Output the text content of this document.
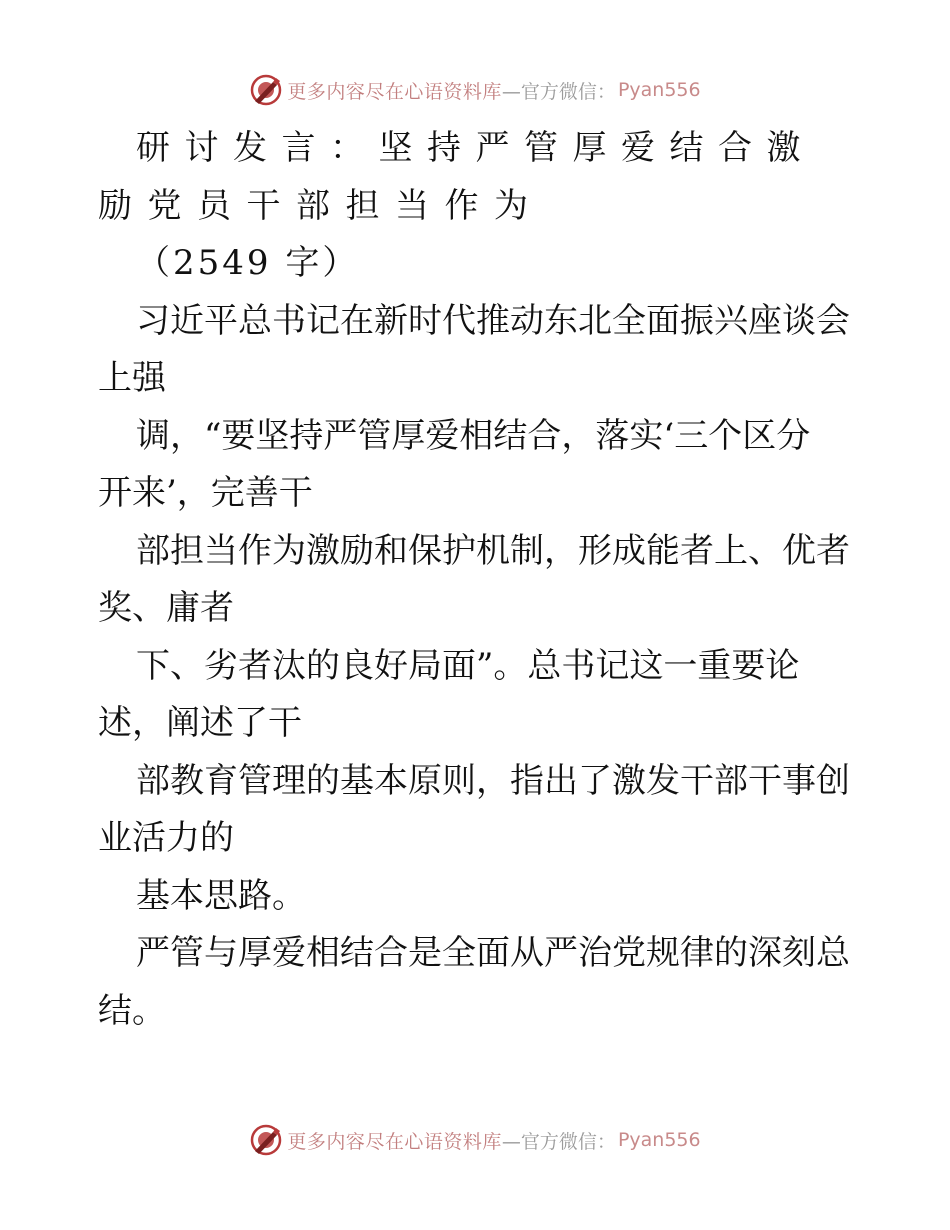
更多内容尽在心语资料库 —官方微信： Pyan556
研讨发言：坚持严管厚爱结合激
励党员干部担当作为
（2549 字）
习近平总书记在新时代推动东北全面振兴座谈会
上强
调，“要坚持严管厚爱相结合，落实‘三个区分
开来’，完善干
部担当作为激励和保护机制，形成能者上、优者
奖、庸者
下、劣者汰的良好局面”。总书记这一重要论
述，阐述了干
部教育管理的基本原则，指出了激发干部干事创
业活力的
基本思路。
严管与厚爱相结合是全面从严治党规律的深刻总
结。
更多内容尽在心语资料库 —官方微信： Pyan556
